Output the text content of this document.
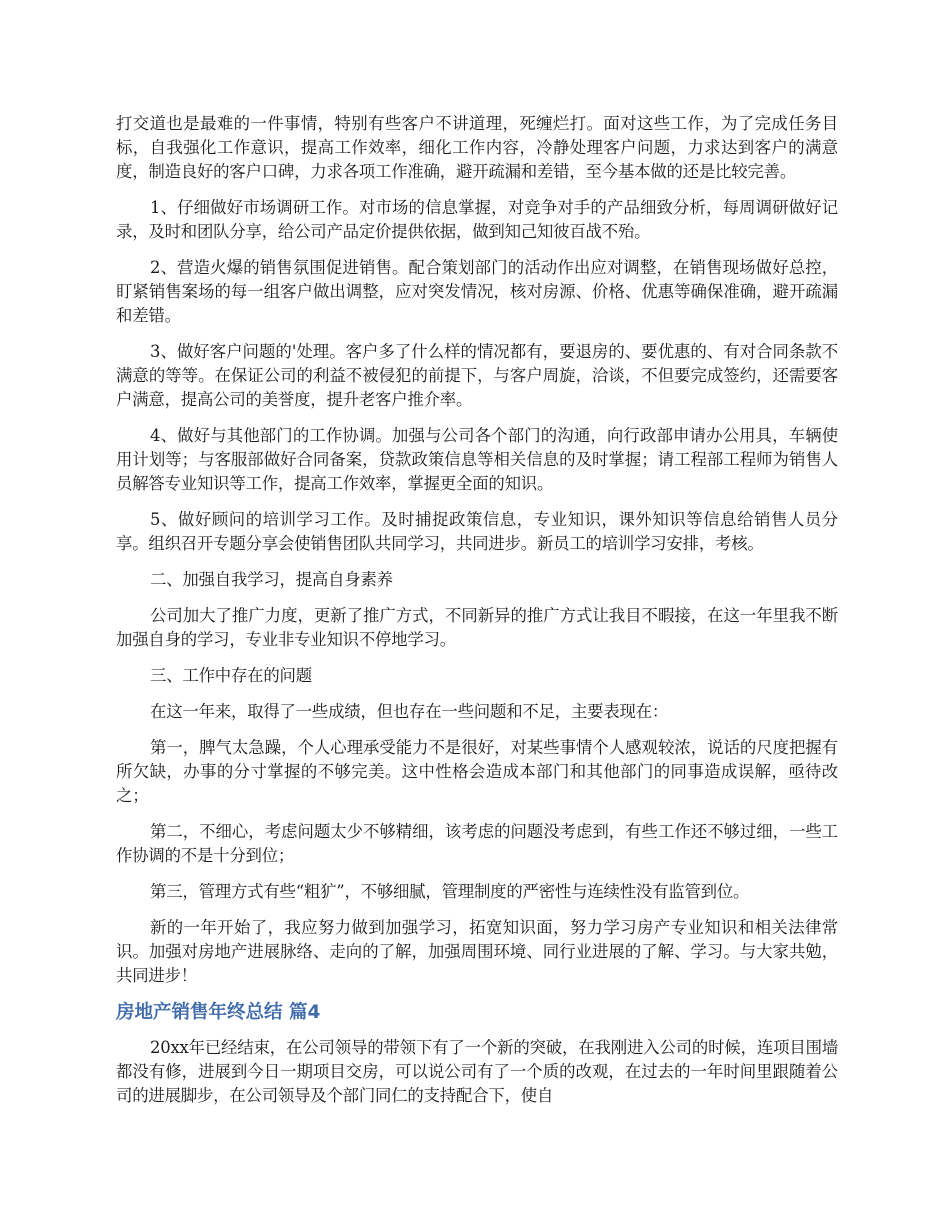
打交道也是最难的一件事情，特别有些客户不讲道理，死缠烂打。面对这些工作，为了完成任务目标，自我强化工作意识，提高工作效率，细化工作内容，冷静处理客户问题，力求达到客户的满意度，制造良好的客户口碑，力求各项工作准确，避开疏漏和差错，至今基本做的还是比较完善。

1、仔细做好市场调研工作。对市场的信息掌握，对竞争对手的产品细致分析，每周调研做好记录，及时和团队分享，给公司产品定价提供依据，做到知己知彼百战不殆。

2、营造火爆的销售氛围促进销售。配合策划部门的活动作出应对调整，在销售现场做好总控，盯紧销售案场的每一组客户做出调整，应对突发情况，核对房源、价格、优惠等确保准确，避开疏漏和差错。

3、做好客户问题的'处理。客户多了什么样的情况都有，要退房的、要优惠的、有对合同条款不满意的等等。在保证公司的利益不被侵犯的前提下，与客户周旋，洽谈，不但要完成签约，还需要客户满意，提高公司的美誉度，提升老客户推介率。

4、做好与其他部门的工作协调。加强与公司各个部门的沟通，向行政部申请办公用具，车辆使用计划等；与客服部做好合同备案，贷款政策信息等相关信息的及时掌握；请工程部工程师为销售人员解答专业知识等工作，提高工作效率，掌握更全面的知识。

5、做好顾问的培训学习工作。及时捕捉政策信息，专业知识，课外知识等信息给销售人员分享。组织召开专题分享会使销售团队共同学习，共同进步。新员工的培训学习安排，考核。

二、加强自我学习，提高自身素养

公司加大了推广力度，更新了推广方式，不同新异的推广方式让我目不暇接，在这一年里我不断加强自身的学习，专业非专业知识不停地学习。

三、工作中存在的问题

在这一年来，取得了一些成绩，但也存在一些问题和不足，主要表现在：

第一，脾气太急躁，个人心理承受能力不是很好，对某些事情个人感观较浓，说话的尺度把握有所欠缺，办事的分寸掌握的不够完美。这中性格会造成本部门和其他部门的同事造成误解，亟待改之；

第二，不细心，考虑问题太少不够精细，该考虑的问题没考虑到，有些工作还不够过细，一些工作协调的不是十分到位；

第三，管理方式有些“粗犷”，不够细腻，管理制度的严密性与连续性没有监管到位。

新的一年开始了，我应努力做到加强学习，拓宽知识面，努力学习房产专业知识和相关法律常识。加强对房地产进展脉络、走向的了解，加强周围环境、同行业进展的了解、学习。与大家共勉，共同进步！

房地产销售年终总结 篇4

20xx年已经结束，在公司领导的带领下有了一个新的突破，在我刚进入公司的时候，连项目围墙都没有修，进展到今日一期项目交房，可以说公司有了一个质的改观，在过去的一年时间里跟随着公司的进展脚步，在公司领导及个部门同仁的支持配合下，使自
